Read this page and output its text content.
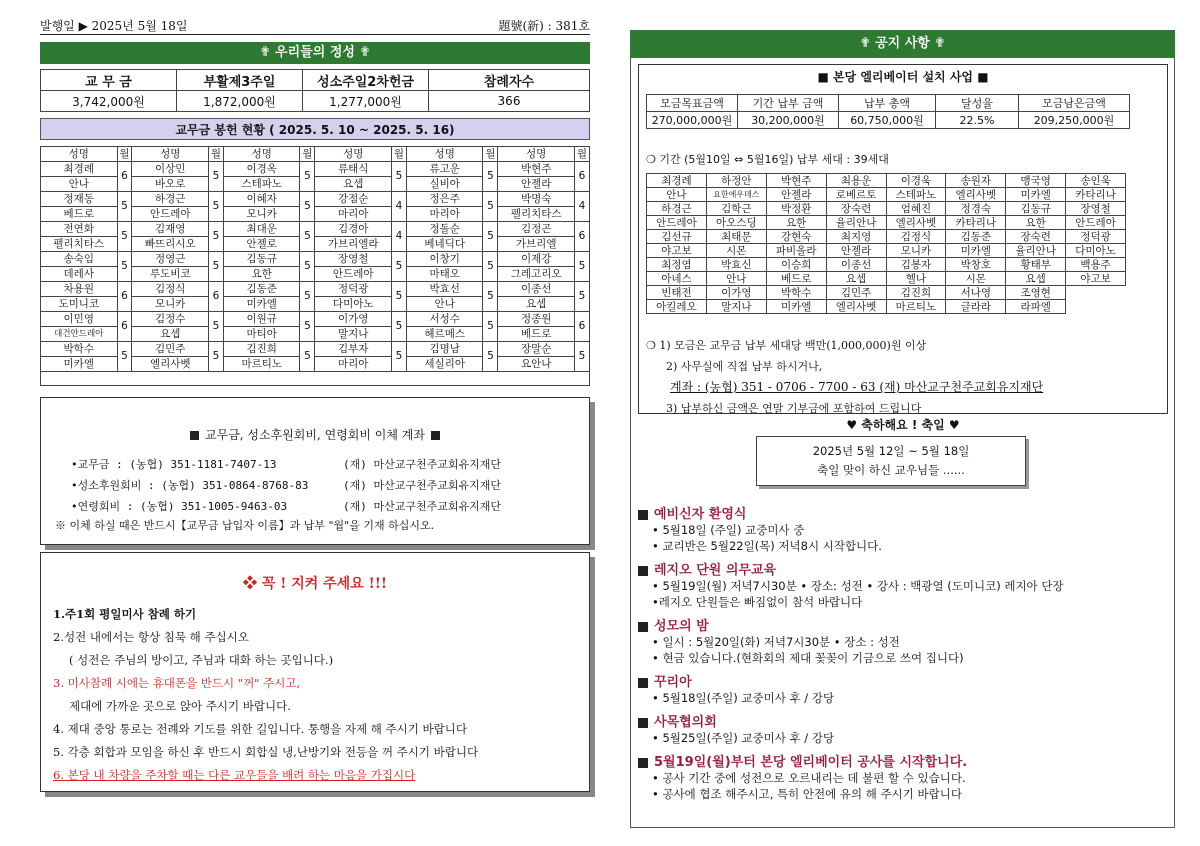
발행일 ▶ 2025년 5월 18일	題號(新) : 381호
✟ 우리들의 정성 ✟
교 무 금	부활제3주일	성소주일2차헌금	참례자수
3,742,000원	1,872,000원	1,277,000원	366
교무금 봉헌 현황 ( 2025. 5. 10 ~ 2025. 5. 16)
성명	월	성명	월	성명	월	성명	월	성명	월	성명	월
최경례	6	이상민	5	이경옥	5	류태식	5	류고운	5	박현주	6
안나		바오로		스테파노		요셉		실비아		안젤라	
정재동	5	하경근	5	이혜자	5	강점순	4	정은주	5	박명숙	4
베드로		안드레아		모니카		마리아		마리아		펠리치타스	
전연화	5	김재영	5	최대운	5	김경아	4	정돌순	5	김정곤	6
펠리치타스		빠뜨리시오		안젤로		가브리엘라		베네딕다		가브리엘	
송숙임	5	정영근	5	김동규	5	장영철	5	이창기	5	이제강	5
데레사		루도비코		요한		안드레아		마태오		그레고리오	
차용원	6	김정식	6	김동준	5	정덕광	5	박효선	5	이종선	5
도미니코		모니카		미카엘		다미아노		안나		요셉	
이민영	6	김정수	5	이원규	5	이가영	5	서성수	5	정종원	6
대건안드레아		요셉		마티아		말지나		헤르메스		베드로	
박학수	5	김민주	5	김진희	5	김부자	5	김명남	5	장말순	5
미카엘		엘리사벳		마르티노		마리아		세실리아		요안나	

교무금, 성소후원회비, 연령회비 이체 계좌
•교무금 : (농협) 351-1181-7407-13	(재) 마산교구천주교회유지재단
•성소후원회비 : (농협) 351-0864-8768-83	(재) 마산교구천주교회유지재단
•연령회비 : (농협) 351-1005-9463-03	(재) 마산교구천주교회유지재단
※ 이체 하실 때은 반드시【교무금 납입자 이름】과 납부 "월"을 기재 하십시오.
❖ 꼭 ! 지켜 주세요 !!!
1.주1회 평일미사 참례 하기
2.성전 내에서는 항상 침묵 해 주십시오
( 성전은 주님의 방이고, 주님과 대화 하는 곳입니다.)
3. 미사참례 시에는 휴대폰을 반드시 "꺼" 주시고,
제대에 가까운 곳으로 앉아 주시기 바랍니다.
4. 제대 중앙 통로는 전례와 기도를 위한 길입니다. 통행을 자제 해 주시기 바랍니다
5. 각층 회합과 모임을 하신 후 반드시 회합실 냉,난방기와 전등을 꺼 주시기 바랍니다
6. 본당 내 차량을 주차할 때는 다른 교우들을 배려 하는 마음을 가집시다
✟ 공지 사항 ✟
■ 본당 엘리베이터 설치 사업 ■
모금목표금액	기간 납부 금액	납부 총액	달성율	모금남은금액
270,000,000원	30,200,000원	60,750,000원	22.5%	209,250,000원
❍ 기간 (5월10일 ⇔ 5월16일) 납부 세대 : 39세대
최경례	하정안	박현주	최용운	이경욱	송원자	맹국영	송인욱
안나	요한에우데스	안젤라	로베르토	스테파노	엘리사벳	미카엘	카타리나
하경근	김학근	박정환	장숙련	엄혜진	정경숙	김동규	장영철
안드레아	아오스딩	요한	율리안나	엘리사벳	카타리나	요한	안드레아
김선규	최태문	강현숙	최지영	김정식	김동준	장숙련	정덕광
야고보	시몬	파비올라	안젤라	모니카	미카엘	율리안나	다미아노
최정염	박효신	이승희	이종선	김봉자	박창호	황태부	백용주
아네스	안나	베드로	요셉	헬나	시몬	요셉	야고보
빈태전	이가영	박학수	김민주	김진희	서나영	조영현	
아킬레오	말지나	미카엘	엘리사벳	마르티노	글라라	라파엘	
❍ 1) 모금은 교무금 납부 세대당 백만(1,000,000)원 이상
2) 사무실에 직접 납부 하시거나,
계좌 : (농협) 351 - 0706 - 7700 - 63 (재) 마산교구천주교회유지재단
3) 납부하신 금액은 연말 기부금에 포함하여 드립니다
♥ 축하해요 ! 축일 ♥
2025년 5월 12일 ~ 5월 18일
축일 맞이 하신 교우님들 ......
예비신자 환영식
• 5월18일 (주일) 교중미사 중
• 교리반은 5월22일(목) 저녁8시 시작합니다.
레지오 단원 의무교육
• 5월19일(월) 저녁7시30분 • 장소: 성전 • 강사 : 백광열 (도미니코) 레지아 단장
•레지오 단원들은 빠짐없이 참석 바랍니다
성모의 밤
• 일시 : 5월20일(화) 저녁7시30분 • 장소 : 성전
• 현금 있습니다.(현화회의 제대 꽃꽂이 기금으로 쓰여 집니다)
꾸리아
• 5월18일(주일) 교중미사 후 / 강당
사목협의회
• 5월25일(주일) 교중미사 후 / 강당
5월19일(월)부터 본당 엘리베이터 공사를 시작합니다.
• 공사 기간 중에 성전으로 오르내리는 데 불편 할 수 있습니다.
• 공사에 협조 해주시고, 특히 안전에 유의 해 주시기 바랍니다
